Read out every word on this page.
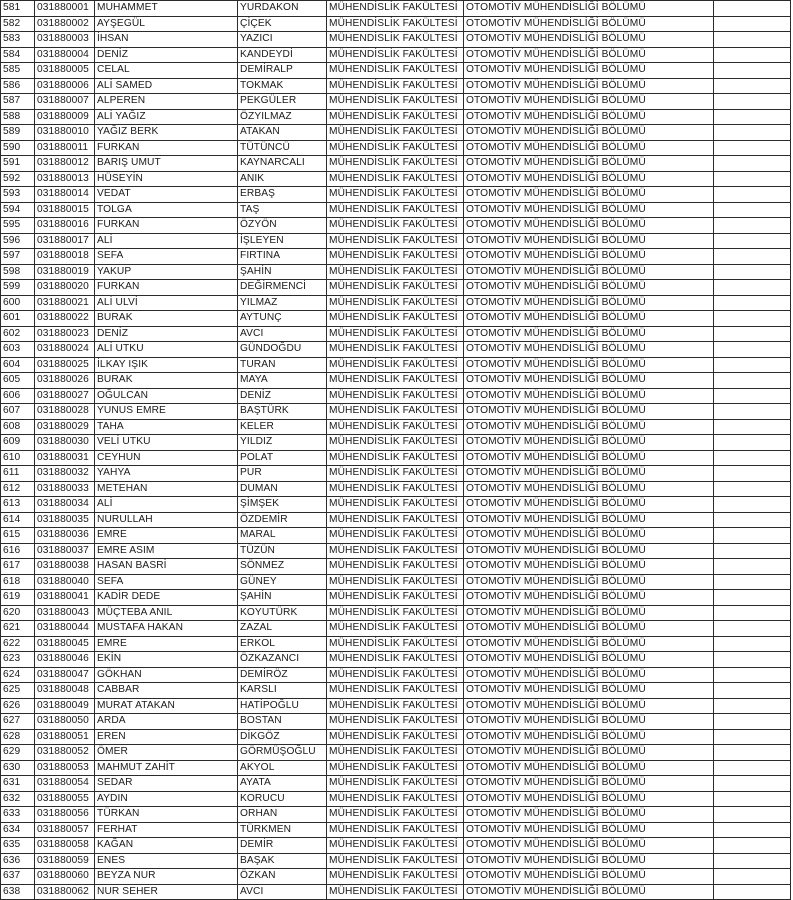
581	031880001	MUHAMMET	YURDAKON	MÜHENDİSLİK FAKÜLTESİ	OTOMOTİV MÜHENDİSLİĞİ BÖLÜMÜ	
582	031880002	AYŞEGÜL	ÇİÇEK	MÜHENDİSLİK FAKÜLTESİ	OTOMOTİV MÜHENDİSLİĞİ BÖLÜMÜ	
583	031880003	İHSAN	YAZICI	MÜHENDİSLİK FAKÜLTESİ	OTOMOTİV MÜHENDİSLİĞİ BÖLÜMÜ	
584	031880004	DENİZ	KANDEYDİ	MÜHENDİSLİK FAKÜLTESİ	OTOMOTİV MÜHENDİSLİĞİ BÖLÜMÜ	
585	031880005	CELAL	DEMİRALP	MÜHENDİSLİK FAKÜLTESİ	OTOMOTİV MÜHENDİSLİĞİ BÖLÜMÜ	
586	031880006	ALİ SAMED	TOKMAK	MÜHENDİSLİK FAKÜLTESİ	OTOMOTİV MÜHENDİSLİĞİ BÖLÜMÜ	
587	031880007	ALPEREN	PEKGÜLER	MÜHENDİSLİK FAKÜLTESİ	OTOMOTİV MÜHENDİSLİĞİ BÖLÜMÜ	
588	031880009	ALİ YAĞIZ	ÖZYILMAZ	MÜHENDİSLİK FAKÜLTESİ	OTOMOTİV MÜHENDİSLİĞİ BÖLÜMÜ	
589	031880010	YAĞIZ BERK	ATAKAN	MÜHENDİSLİK FAKÜLTESİ	OTOMOTİV MÜHENDİSLİĞİ BÖLÜMÜ	
590	031880011	FURKAN	TÜTÜNCÜ	MÜHENDİSLİK FAKÜLTESİ	OTOMOTİV MÜHENDİSLİĞİ BÖLÜMÜ	
591	031880012	BARIŞ UMUT	KAYNARCALI	MÜHENDİSLİK FAKÜLTESİ	OTOMOTİV MÜHENDİSLİĞİ BÖLÜMÜ	
592	031880013	HÜSEYİN	ANIK	MÜHENDİSLİK FAKÜLTESİ	OTOMOTİV MÜHENDİSLİĞİ BÖLÜMÜ	
593	031880014	VEDAT	ERBAŞ	MÜHENDİSLİK FAKÜLTESİ	OTOMOTİV MÜHENDİSLİĞİ BÖLÜMÜ	
594	031880015	TOLGA	TAŞ	MÜHENDİSLİK FAKÜLTESİ	OTOMOTİV MÜHENDİSLİĞİ BÖLÜMÜ	
595	031880016	FURKAN	ÖZYÖN	MÜHENDİSLİK FAKÜLTESİ	OTOMOTİV MÜHENDİSLİĞİ BÖLÜMÜ	
596	031880017	ALİ	İŞLEYEN	MÜHENDİSLİK FAKÜLTESİ	OTOMOTİV MÜHENDİSLİĞİ BÖLÜMÜ	
597	031880018	SEFA	FIRTINA	MÜHENDİSLİK FAKÜLTESİ	OTOMOTİV MÜHENDİSLİĞİ BÖLÜMÜ	
598	031880019	YAKUP	ŞAHİN	MÜHENDİSLİK FAKÜLTESİ	OTOMOTİV MÜHENDİSLİĞİ BÖLÜMÜ	
599	031880020	FURKAN	DEĞİRMENCİ	MÜHENDİSLİK FAKÜLTESİ	OTOMOTİV MÜHENDİSLİĞİ BÖLÜMÜ	
600	031880021	ALİ ULVİ	YILMAZ	MÜHENDİSLİK FAKÜLTESİ	OTOMOTİV MÜHENDİSLİĞİ BÖLÜMÜ	
601	031880022	BURAK	AYTUNÇ	MÜHENDİSLİK FAKÜLTESİ	OTOMOTİV MÜHENDİSLİĞİ BÖLÜMÜ	
602	031880023	DENİZ	AVCI	MÜHENDİSLİK FAKÜLTESİ	OTOMOTİV MÜHENDİSLİĞİ BÖLÜMÜ	
603	031880024	ALİ UTKU	GÜNDOĞDU	MÜHENDİSLİK FAKÜLTESİ	OTOMOTİV MÜHENDİSLİĞİ BÖLÜMÜ	
604	031880025	İLKAY IŞIK	TURAN	MÜHENDİSLİK FAKÜLTESİ	OTOMOTİV MÜHENDİSLİĞİ BÖLÜMÜ	
605	031880026	BURAK	MAYA	MÜHENDİSLİK FAKÜLTESİ	OTOMOTİV MÜHENDİSLİĞİ BÖLÜMÜ	
606	031880027	OĞULCAN	DENİZ	MÜHENDİSLİK FAKÜLTESİ	OTOMOTİV MÜHENDİSLİĞİ BÖLÜMÜ	
607	031880028	YUNUS EMRE	BAŞTÜRK	MÜHENDİSLİK FAKÜLTESİ	OTOMOTİV MÜHENDİSLİĞİ BÖLÜMÜ	
608	031880029	TAHA	KELER	MÜHENDİSLİK FAKÜLTESİ	OTOMOTİV MÜHENDİSLİĞİ BÖLÜMÜ	
609	031880030	VELİ UTKU	YILDIZ	MÜHENDİSLİK FAKÜLTESİ	OTOMOTİV MÜHENDİSLİĞİ BÖLÜMÜ	
610	031880031	CEYHUN	POLAT	MÜHENDİSLİK FAKÜLTESİ	OTOMOTİV MÜHENDİSLİĞİ BÖLÜMÜ	
611	031880032	YAHYA	PUR	MÜHENDİSLİK FAKÜLTESİ	OTOMOTİV MÜHENDİSLİĞİ BÖLÜMÜ	
612	031880033	METEHAN	DUMAN	MÜHENDİSLİK FAKÜLTESİ	OTOMOTİV MÜHENDİSLİĞİ BÖLÜMÜ	
613	031880034	ALİ	ŞİMŞEK	MÜHENDİSLİK FAKÜLTESİ	OTOMOTİV MÜHENDİSLİĞİ BÖLÜMÜ	
614	031880035	NURULLAH	ÖZDEMİR	MÜHENDİSLİK FAKÜLTESİ	OTOMOTİV MÜHENDİSLİĞİ BÖLÜMÜ	
615	031880036	EMRE	MARAL	MÜHENDİSLİK FAKÜLTESİ	OTOMOTİV MÜHENDİSLİĞİ BÖLÜMÜ	
616	031880037	EMRE ASIM	TÜZÜN	MÜHENDİSLİK FAKÜLTESİ	OTOMOTİV MÜHENDİSLİĞİ BÖLÜMÜ	
617	031880038	HASAN BASRİ	SÖNMEZ	MÜHENDİSLİK FAKÜLTESİ	OTOMOTİV MÜHENDİSLİĞİ BÖLÜMÜ	
618	031880040	SEFA	GÜNEY	MÜHENDİSLİK FAKÜLTESİ	OTOMOTİV MÜHENDİSLİĞİ BÖLÜMÜ	
619	031880041	KADİR DEDE	ŞAHİN	MÜHENDİSLİK FAKÜLTESİ	OTOMOTİV MÜHENDİSLİĞİ BÖLÜMÜ	
620	031880043	MÜÇTEBA ANIL	KOYUTÜRK	MÜHENDİSLİK FAKÜLTESİ	OTOMOTİV MÜHENDİSLİĞİ BÖLÜMÜ	
621	031880044	MUSTAFA HAKAN	ZAZAL	MÜHENDİSLİK FAKÜLTESİ	OTOMOTİV MÜHENDİSLİĞİ BÖLÜMÜ	
622	031880045	EMRE	ERKOL	MÜHENDİSLİK FAKÜLTESİ	OTOMOTİV MÜHENDİSLİĞİ BÖLÜMÜ	
623	031880046	EKİN	ÖZKAZANCI	MÜHENDİSLİK FAKÜLTESİ	OTOMOTİV MÜHENDİSLİĞİ BÖLÜMÜ	
624	031880047	GÖKHAN	DEMİRÖZ	MÜHENDİSLİK FAKÜLTESİ	OTOMOTİV MÜHENDİSLİĞİ BÖLÜMÜ	
625	031880048	CABBAR	KARSLI	MÜHENDİSLİK FAKÜLTESİ	OTOMOTİV MÜHENDİSLİĞİ BÖLÜMÜ	
626	031880049	MURAT ATAKAN	HATİPOĞLU	MÜHENDİSLİK FAKÜLTESİ	OTOMOTİV MÜHENDİSLİĞİ BÖLÜMÜ	
627	031880050	ARDA	BOSTAN	MÜHENDİSLİK FAKÜLTESİ	OTOMOTİV MÜHENDİSLİĞİ BÖLÜMÜ	
628	031880051	EREN	DİKGÖZ	MÜHENDİSLİK FAKÜLTESİ	OTOMOTİV MÜHENDİSLİĞİ BÖLÜMÜ	
629	031880052	ÖMER	GÖRMÜŞOĞLU	MÜHENDİSLİK FAKÜLTESİ	OTOMOTİV MÜHENDİSLİĞİ BÖLÜMÜ	
630	031880053	MAHMUT ZAHİT	AKYOL	MÜHENDİSLİK FAKÜLTESİ	OTOMOTİV MÜHENDİSLİĞİ BÖLÜMÜ	
631	031880054	SEDAR	AYATA	MÜHENDİSLİK FAKÜLTESİ	OTOMOTİV MÜHENDİSLİĞİ BÖLÜMÜ	
632	031880055	AYDIN	KORUCU	MÜHENDİSLİK FAKÜLTESİ	OTOMOTİV MÜHENDİSLİĞİ BÖLÜMÜ	
633	031880056	TÜRKAN	ORHAN	MÜHENDİSLİK FAKÜLTESİ	OTOMOTİV MÜHENDİSLİĞİ BÖLÜMÜ	
634	031880057	FERHAT	TÜRKMEN	MÜHENDİSLİK FAKÜLTESİ	OTOMOTİV MÜHENDİSLİĞİ BÖLÜMÜ	
635	031880058	KAĞAN	DEMİR	MÜHENDİSLİK FAKÜLTESİ	OTOMOTİV MÜHENDİSLİĞİ BÖLÜMÜ	
636	031880059	ENES	BAŞAK	MÜHENDİSLİK FAKÜLTESİ	OTOMOTİV MÜHENDİSLİĞİ BÖLÜMÜ	
637	031880060	BEYZA NUR	ÖZKAN	MÜHENDİSLİK FAKÜLTESİ	OTOMOTİV MÜHENDİSLİĞİ BÖLÜMÜ	
638	031880062	NUR SEHER	AVCI	MÜHENDİSLİK FAKÜLTESİ	OTOMOTİV MÜHENDİSLİĞİ BÖLÜMÜ	
